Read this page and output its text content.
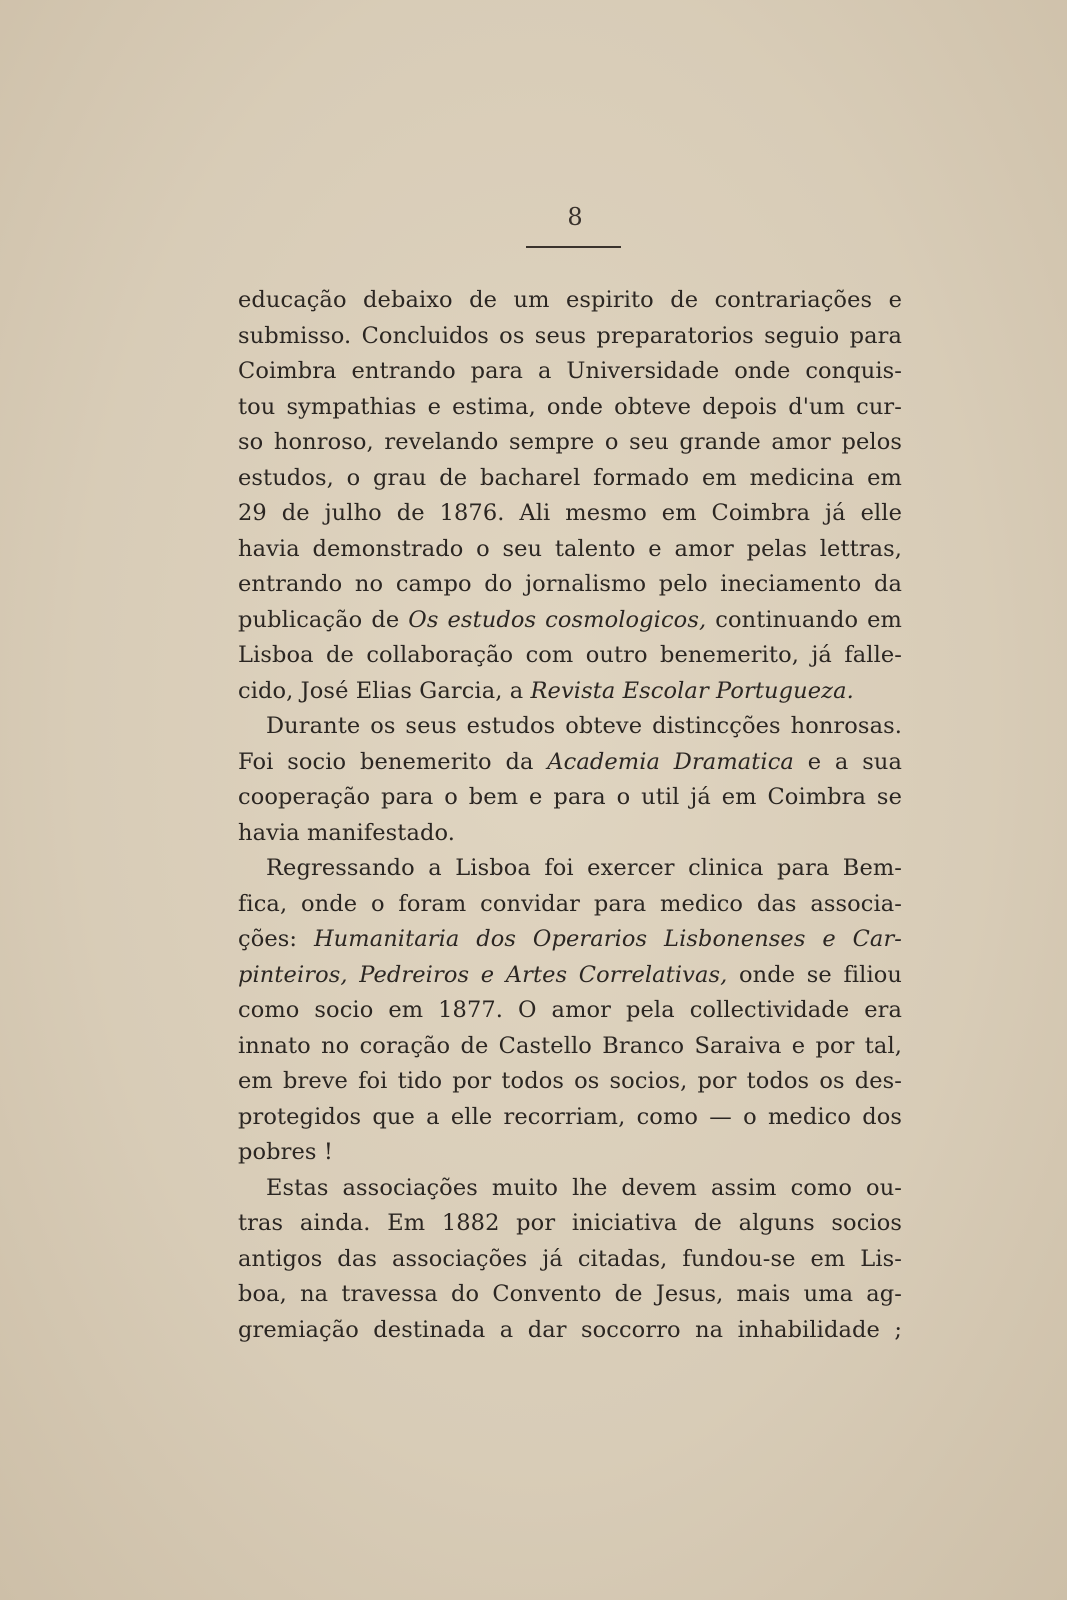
8
educação debaixo de um espirito de contrariações e
submisso. Concluidos os seus preparatorios seguio para
Coimbra entrando para a Universidade onde conquis-
tou sympathias e estima, onde obteve depois d'um cur-
so honroso, revelando sempre o seu grande amor pelos
estudos, o grau de bacharel formado em medicina em
29 de julho de 1876. Ali mesmo em Coimbra já elle
havia demonstrado o seu talento e amor pelas lettras,
entrando no campo do jornalismo pelo ineciamento da
publicação de Os estudos cosmologicos, continuando em
Lisboa de collaboração com outro benemerito, já falle-
cido, José Elias Garcia, a Revista Escolar Portugueza.
Durante os seus estudos obteve distincções honrosas.
Foi socio benemerito da Academia Dramatica e a sua
cooperação para o bem e para o util já em Coimbra se
havia manifestado.
Regressando a Lisboa foi exercer clinica para Bem-
fica, onde o foram convidar para medico das associa-
ções: Humanitaria dos Operarios Lisbonenses e Car-
pinteiros, Pedreiros e Artes Correlativas, onde se filiou
como socio em 1877. O amor pela collectividade era
innato no coração de Castello Branco Saraiva e por tal,
em breve foi tido por todos os socios, por todos os des-
protegidos que a elle recorriam, como — o medico dos
pobres !
Estas associações muito lhe devem assim como ou-
tras ainda. Em 1882 por iniciativa de alguns socios
antigos das associações já citadas, fundou-se em Lis-
boa, na travessa do Convento de Jesus, mais uma ag-
gremiação destinada a dar soccorro na inhabilidade ;
